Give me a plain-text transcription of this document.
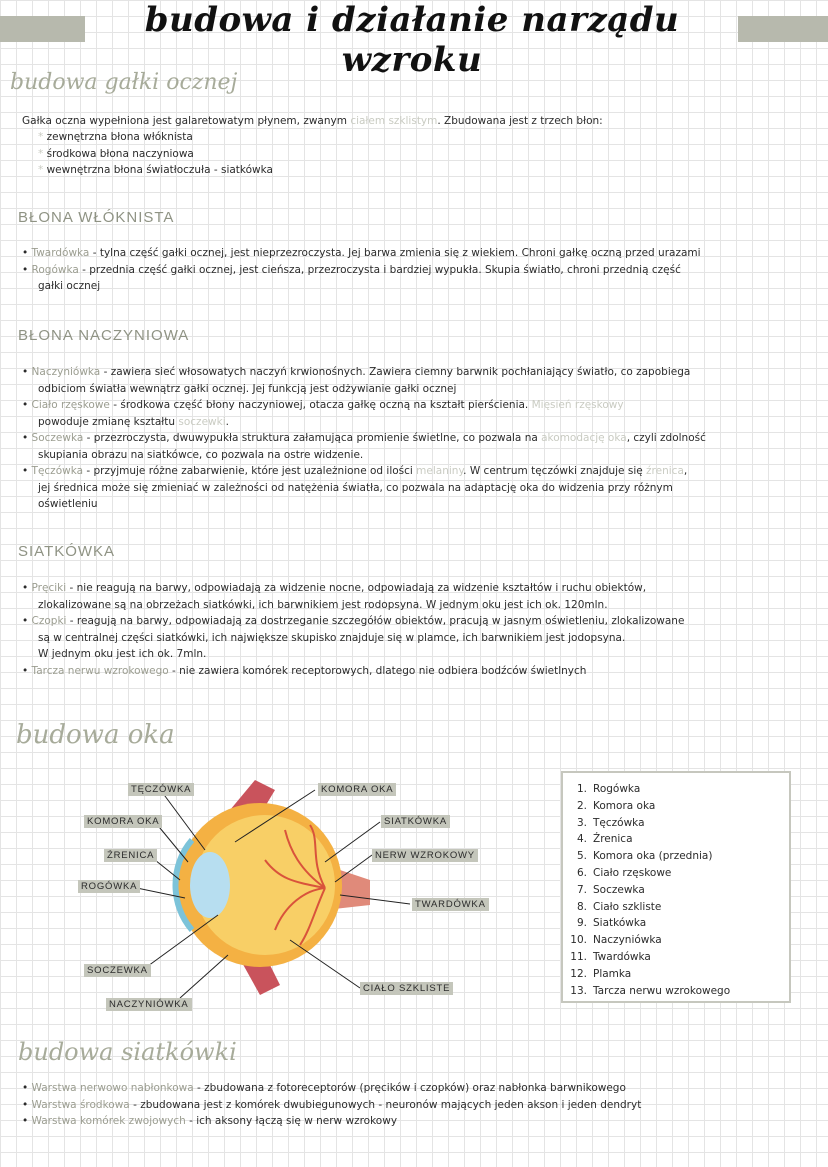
budowa i działanie narządu wzroku
budowa gałki ocznej
Gałka oczna wypełniona jest galaretowatym płynem, zwanym ciałem szklistym. Zbudowana jest z trzech błon:
* zewnętrzna błona włóknista
* środkowa błona naczyniowa
* wewnętrzna błona światłoczuła - siatkówka
BŁONA WŁÓKNISTA
• Twardówka - tylna część gałki ocznej, jest nieprzezroczysta. Jej barwa zmienia się z wiekiem. Chroni gałkę oczną przed urazami
• Rogówka - przednia część gałki ocznej, jest cieńsza, przezroczysta i bardziej wypukła. Skupia światło, chroni przednią część
gałki ocznej
BŁONA NACZYNIOWA
• Naczyniówka - zawiera sieć włosowatych naczyń krwionośnych. Zawiera ciemny barwnik pochłaniający światło, co zapobiega
odbiciom światła wewnątrz gałki ocznej. Jej funkcją jest odżywianie gałki ocznej
• Ciało rzęskowe - środkowa część błony naczyniowej, otacza gałkę oczną na kształt pierścienia. Mięsień rzęskowy
powoduje zmianę kształtu soczewki.
• Soczewka - przezroczysta, dwuwypukła struktura załamująca promienie świetlne, co pozwala na akomodację oka, czyli zdolność
skupiania obrazu na siatkówce, co pozwala na ostre widzenie.
• Tęczówka - przyjmuje różne zabarwienie, które jest uzależnione od ilości melaniny. W centrum tęczówki znajduje się źrenica,
jej średnica może się zmieniać w zależności od natężenia światła, co pozwala na adaptację oka do widzenia przy różnym
oświetleniu
SIATKÓWKA
• Pręciki - nie reagują na barwy, odpowiadają za widzenie nocne, odpowiadają za widzenie kształtów i ruchu obiektów,
zlokalizowane są na obrzeżach siatkówki, ich barwnikiem jest rodopsyna. W jednym oku jest ich ok. 120mln.
• Czopki - reagują na barwy, odpowiadają za dostrzeganie szczegółów obiektów, pracują w jasnym oświetleniu, zlokalizowane
są w centralnej części siatkówki, ich największe skupisko znajduje się w plamce, ich barwnikiem jest jodopsyna.
W jednym oku jest ich ok. 7mln.
• Tarcza nerwu wzrokowego - nie zawiera komórek receptorowych, dlatego nie odbiera bodźców świetlnych
budowa oka
TĘCZÓWKA
KOMORA OKA
ŹRENICA
ROGÓWKA
SOCZEWKA
NACZYNIÓWKA
KOMORA OKA
SIATKÓWKA
NERW WZROKOWY
TWARDÓWKA
CIAŁO SZKLISTE
1. Rogówka
2. Komora oka
3. Tęczówka
4. Źrenica
5. Komora oka (przednia)
6. Ciało rzęskowe
7. Soczewka
8. Ciało szkliste
9. Siatkówka
10. Naczyniówka
11. Twardówka
12. Plamka
13. Tarcza nerwu wzrokowego
budowa siatkówki
• Warstwa nerwowo nabłonkowa - zbudowana z fotoreceptorów (pręcików i czopków) oraz nabłonka barwnikowego
• Warstwa środkowa - zbudowana jest z komórek dwubiegunowych - neuronów mających jeden akson i jeden dendryt
• Warstwa komórek zwojowych - ich aksony łączą się w nerw wzrokowy
